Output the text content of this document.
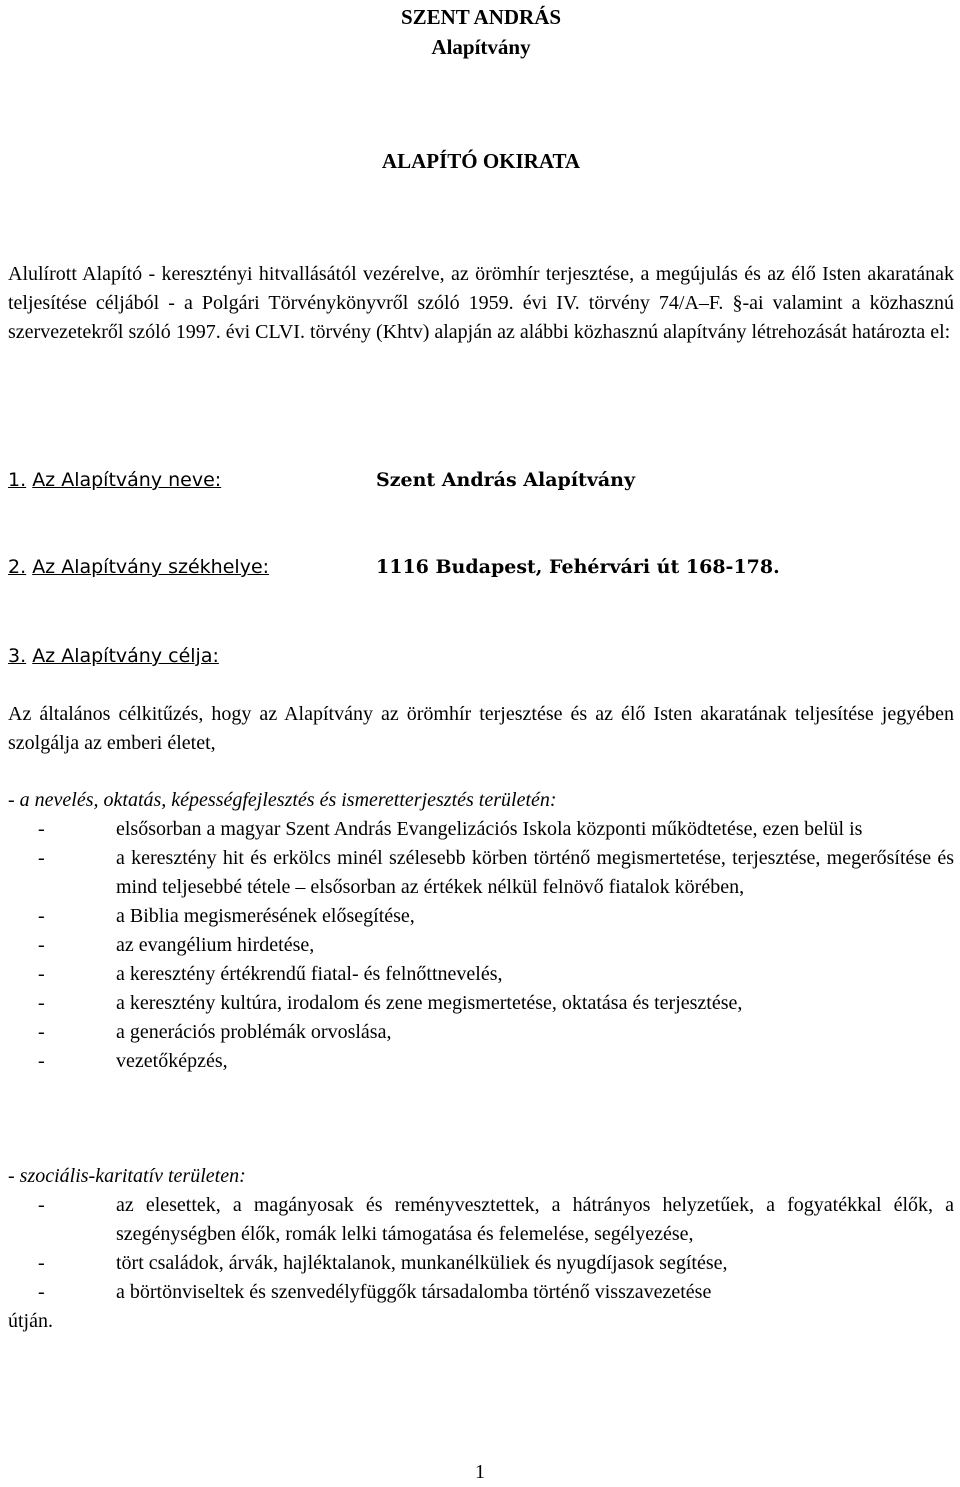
SZENT ANDRÁS
Alapítvány
ALAPÍTÓ OKIRATA
Alulírott Alapító - keresztényi hitvallásától vezérelve, az örömhír terjesztése, a megújulás és az élő Isten akaratának teljesítése céljából - a Polgári Törvénykönyvről szóló 1959. évi IV. törvény 74/A–F. §-ai valamint a közhasznú szervezetekről szóló 1997. évi CLVI. törvény (Khtv) alapján az alábbi közhasznú alapítvány létrehozását határozta el:
1. Az Alapítvány neve:	Szent András Alapítvány
2. Az Alapítvány székhelye:	1116 Budapest, Fehérvári út 168-178.
3. Az Alapítvány célja:
Az általános célkitűzés, hogy az Alapítvány az örömhír terjesztése és az élő Isten akaratának teljesítése jegyében szolgálja az emberi életet,
- a nevelés, oktatás, képességfejlesztés és ismeretterjesztés területén:
-	elsősorban a magyar Szent András Evangelizációs Iskola központi működtetése, ezen belül is
-	a keresztény hit és erkölcs minél szélesebb körben történő megismertetése, terjesztése, megerősítése és mind teljesebbé tétele – elsősorban az értékek nélkül felnövő fiatalok körében,
-	a Biblia megismerésének elősegítése,
-	az evangélium hirdetése,
-	a keresztény értékrendű fiatal- és felnőttnevelés,
-	a keresztény kultúra, irodalom és zene megismertetése, oktatása és terjesztése,
-	a generációs problémák orvoslása,
-	vezetőképzés,
- szociális-karitatív területen:
-	az elesettek, a magányosak és reményvesztettek, a hátrányos helyzetűek, a fogyatékkal élők, a szegénységben élők, romák lelki támogatása és felemelése, segélyezése,
-	tört családok, árvák, hajléktalanok, munkanélküliek és nyugdíjasok segítése,
-	a börtönviseltek és szenvedélyfüggők társadalomba történő visszavezetése
útján.
1
